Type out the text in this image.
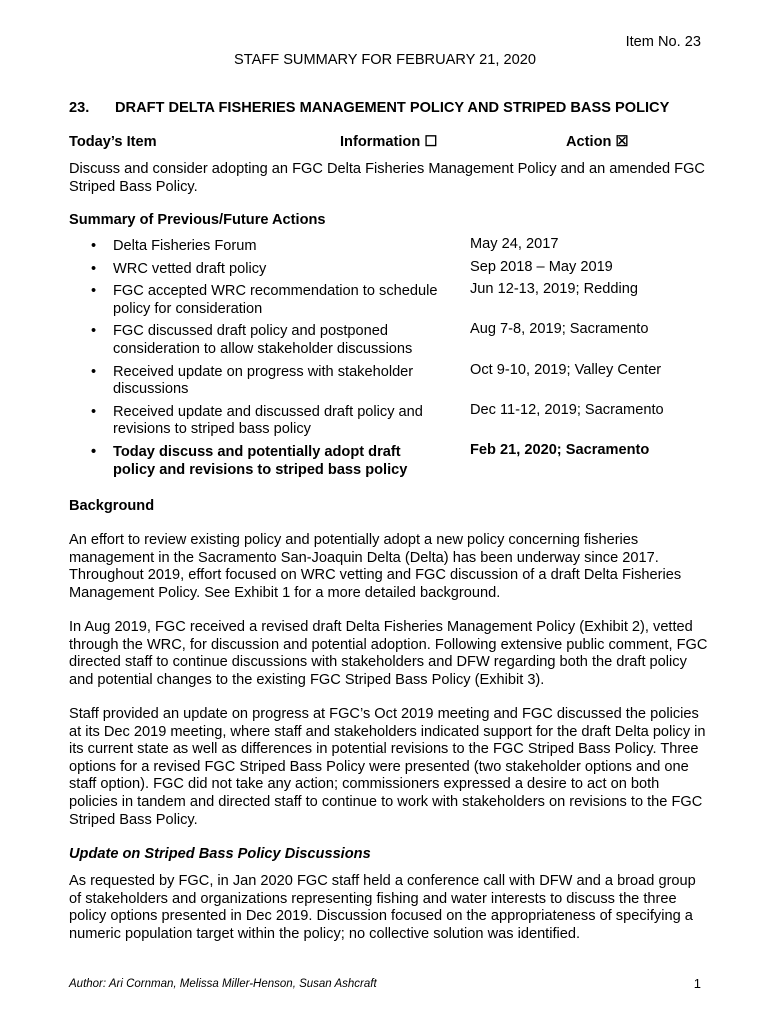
Item No. 23
STAFF SUMMARY FOR FEBRUARY 21, 2020
23. DRAFT DELTA FISHERIES MANAGEMENT POLICY AND STRIPED BASS POLICY
Today’s Item	Information ☐	Action ☒
Discuss and consider adopting an FGC Delta Fisheries Management Policy and an amended FGC Striped Bass Policy.
Summary of Previous/Future Actions
• Delta Fisheries Forum	May 24, 2017
• WRC vetted draft policy	Sep 2018 – May 2019
• FGC accepted WRC recommendation to schedule policy for consideration
Jun 12-13, 2019; Redding
• FGC discussed draft policy and postponed consideration to allow stakeholder discussions
Aug 7-8, 2019; Sacramento
• Received update on progress with stakeholder discussions
Oct 9-10, 2019; Valley Center
• Received update and discussed draft policy and revisions to striped bass policy
Dec 11-12, 2019; Sacramento
• Today discuss and potentially adopt draft policy and revisions to striped bass policy
Feb 21, 2020; Sacramento
Background
An effort to review existing policy and potentially adopt a new policy concerning fisheries management in the Sacramento San-Joaquin Delta (Delta) has been underway since 2017. Throughout 2019, effort focused on WRC vetting and FGC discussion of a draft Delta Fisheries Management Policy. See Exhibit 1 for a more detailed background.
In Aug 2019, FGC received a revised draft Delta Fisheries Management Policy (Exhibit 2), vetted through the WRC, for discussion and potential adoption. Following extensive public comment, FGC directed staff to continue discussions with stakeholders and DFW regarding both the draft policy and potential changes to the existing FGC Striped Bass Policy (Exhibit 3).
Staff provided an update on progress at FGC’s Oct 2019 meeting and FGC discussed the policies at its Dec 2019 meeting, where staff and stakeholders indicated support for the draft Delta policy in its current state as well as differences in potential revisions to the FGC Striped Bass Policy. Three options for a revised FGC Striped Bass Policy were presented (two stakeholder options and one staff option). FGC did not take any action; commissioners expressed a desire to act on both policies in tandem and directed staff to continue to work with stakeholders on revisions to the FGC Striped Bass Policy.
Update on Striped Bass Policy Discussions
As requested by FGC, in Jan 2020 FGC staff held a conference call with DFW and a broad group of stakeholders and organizations representing fishing and water interests to discuss the three policy options presented in Dec 2019. Discussion focused on the appropriateness of specifying a numeric population target within the policy; no collective solution was identified.
Author: Ari Cornman, Melissa Miller-Henson, Susan Ashcraft	1
